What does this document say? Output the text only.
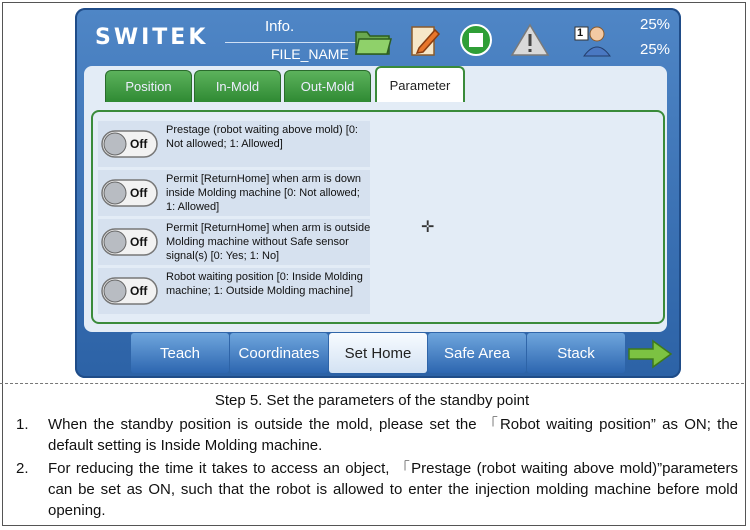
SWITEK	Info.
FILE_NAME
1	25%
25%
Position	In-Mold	Out-Mold	Parameter
Off
Prestage (robot waiting above mold) [0: Not allowed; 1: Allowed]
Off
Permit [ReturnHome] when arm is down inside Molding machine [0: Not allowed; 1: Allowed]
Off
Permit [ReturnHome] when arm is outside Molding machine without Safe sensor signal(s) [0: Yes; 1: No]
Off
Robot waiting position [0: Inside Molding machine; 1: Outside Molding machine]
✛
Teach	Coordinates	Set Home	Safe Area	Stack
Step 5. Set the parameters of the standby point
1. When the standby position is outside the mold, please set the 「Robot waiting position” as ON; the default setting is Inside Molding machine.
2. For reducing the time it takes to access an object, 「Prestage (robot waiting above mold)”parameters can be set as ON, such that the robot is allowed to enter the injection molding machine before mold opening.
